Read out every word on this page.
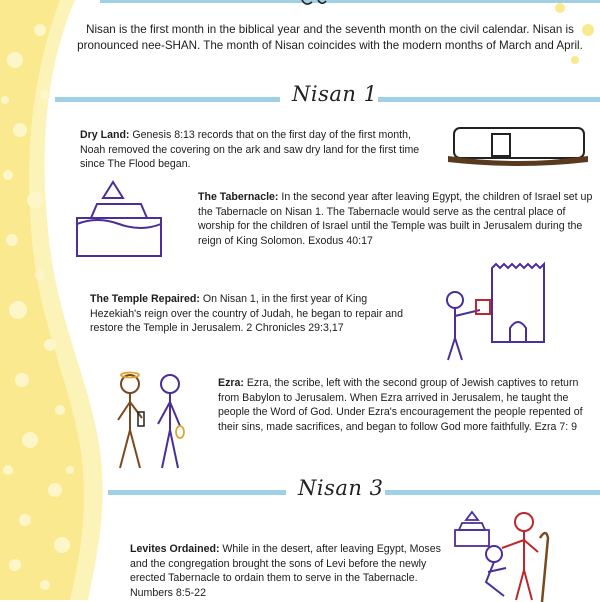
Nisan is the first month in the biblical year and the seventh month on the civil calendar. Nisan is pronounced nee-SHAN. The month of Nisan coincides with the modern months of March and April.
Nisan 1
Dry Land: Genesis 8:13 records that on the first day of the first month, Noah removed the covering on the ark and saw dry land for the first time since The Flood began.
The Tabernacle: In the second year after leaving Egypt, the children of Israel set up the Tabernacle on Nisan 1. The Tabernacle would serve as the central place of worship for the children of Israel until the Temple was built in Jerusalem during the reign of King Solomon. Exodus 40:17
The Temple Repaired: On Nisan 1, in the first year of King Hezekiah's reign over the country of Judah, he began to repair and restore the Temple in Jerusalem. 2 Chronicles 29:3,17
Ezra: Ezra, the scribe, left with the second group of Jewish captives to return from Babylon to Jerusalem. When Ezra arrived in Jerusalem, he taught the people the Word of God. Under Ezra's encouragement the people repented of their sins, made sacrifices, and began to follow God more faithfully. Ezra 7: 9
Nisan 3
Levites Ordained: While in the desert, after leaving Egypt, Moses and the congregation brought the sons of Levi before the newly erected Tabernacle to ordain them to serve in the Tabernacle. Numbers 8:5-22
